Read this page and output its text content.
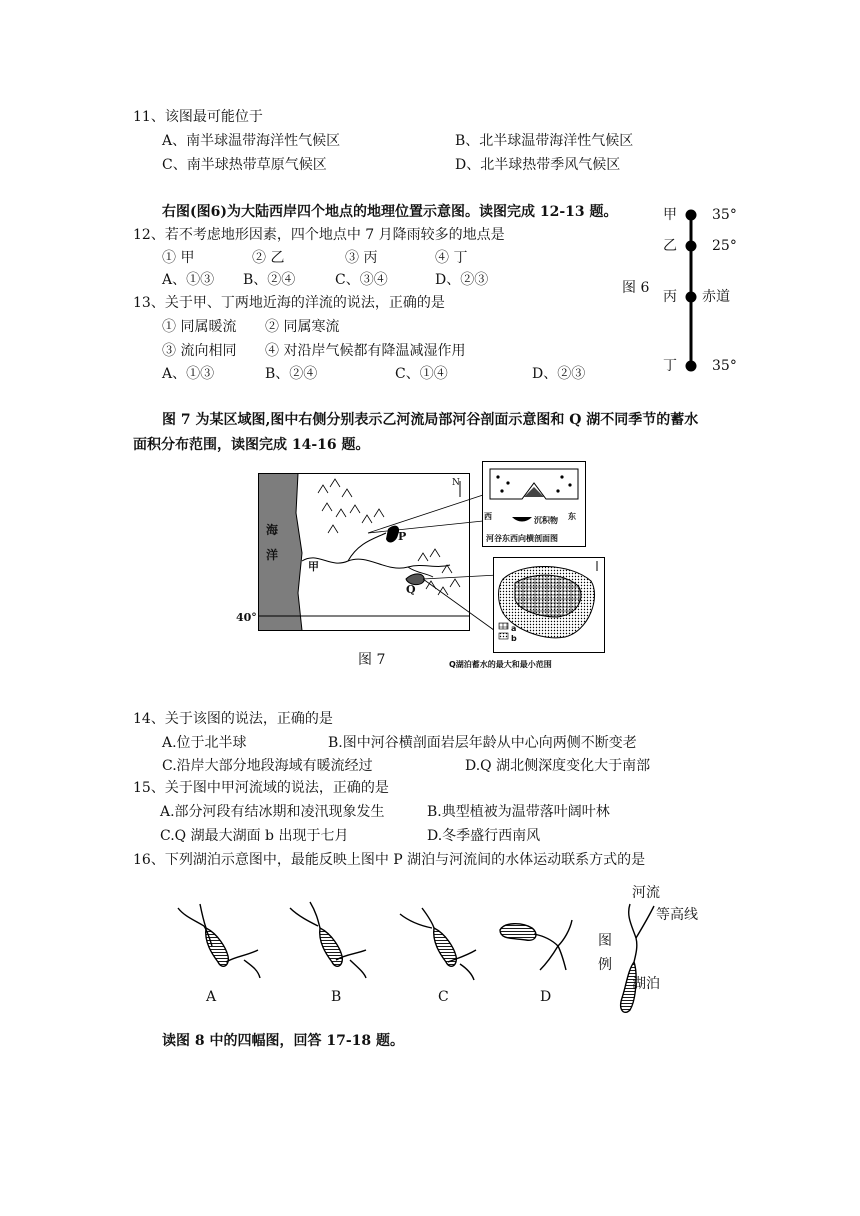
11、该图最可能位于
A、南半球温带海洋性气候区	B、北半球温带海洋性气候区
C、南半球热带草原气候区	D、北半球热带季风气候区
右图(图6)为大陆西岸四个地点的地理位置示意图。读图完成 12-13 题。
12、若不考虑地形因素，四个地点中 7 月降雨较多的地点是
① 甲	② 乙	③ 丙	④ 丁
A、①③ B、②④	C、③④	D、②③
13、关于甲、丁两地近海的洋流的说法，正确的是
① 同属暖流 ② 同属寒流
③ 流向相同 ④ 对沿岸气候都有降温减湿作用
A、①③	B、②④	C、①④	D、②③
甲	35°
乙	25°
丙 赤道
丁	35°
图 6
图 7 为某区域图,图中右侧分别表示乙河流局部河谷剖面示意图和 Q 湖不同季节的蓄水
面积分布范围，读图完成 14-16 题。
海
洋
甲
P
Q
40°
N
西	东
沉积物
河谷东西向横剖面图
a
b
Q湖泊蓄水的最大和最小范围
图 7
14、关于该图的说法，正确的是
A.位于北半球	B.图中河谷横剖面岩层年龄从中心向两侧不断变老
C.沿岸大部分地段海域有暖流经过	D.Q 湖北侧深度变化大于南部
15、关于图中甲河流域的说法，正确的是
A.部分河段有结冰期和凌汛现象发生	B.典型植被为温带落叶阔叶林
C.Q 湖最大湖面 b 出现于七月	D.冬季盛行西南风
16、下列湖泊示意图中，最能反映上图中 P 湖泊与河流间的水体运动联系方式的是
A	B	C	D
河流
等高线
图
例
湖泊
读图 8 中的四幅图，回答 17-18 题。
